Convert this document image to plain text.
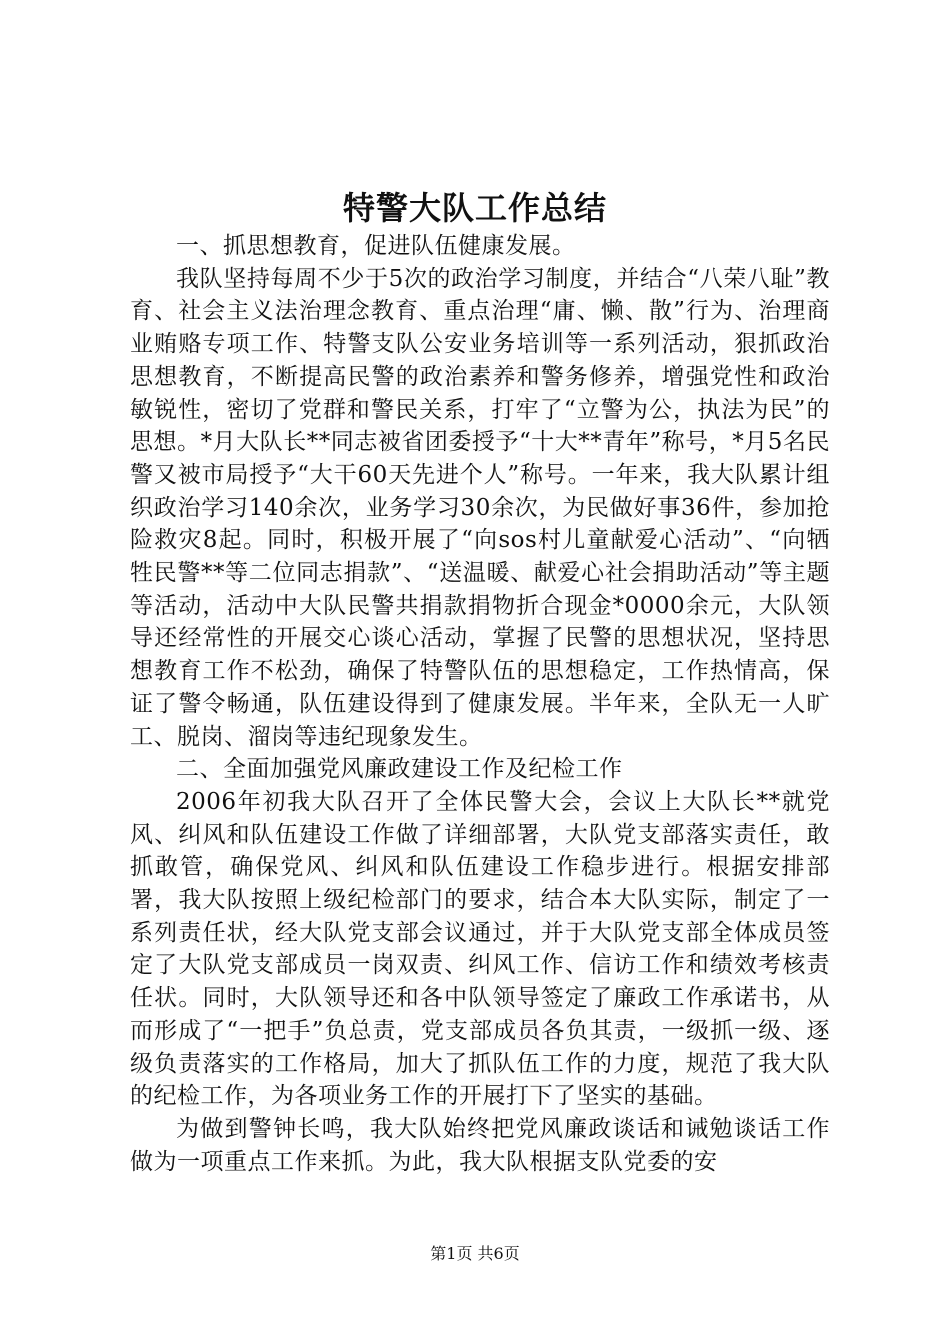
特警大队工作总结

一、抓思想教育，促进队伍健康发展。

我队坚持每周不少于5次的政治学习制度，并结合“八荣八耻”教育、社会主义法治理念教育、重点治理“庸、懒、散”行为、治理商业贿赂专项工作、特警支队公安业务培训等一系列活动，狠抓政治思想教育，不断提高民警的政治素养和警务修养，增强党性和政治敏锐性，密切了党群和警民关系，打牢了“立警为公，执法为民”的思想。*月大队长**同志被省团委授予“十大**青年”称号，*月5名民警又被市局授予“大干60天先进个人”称号。一年来，我大队累计组织政治学习140余次，业务学习30余次，为民做好事36件，参加抢险救灾8起。同时，积极开展了“向sos村儿童献爱心活动”、“向牺牲民警**等二位同志捐款”、“送温暖、献爱心社会捐助活动”等主题等活动，活动中大队民警共捐款捐物折合现金*0000余元，大队领导还经常性的开展交心谈心活动，掌握了民警的思想状况，坚持思想教育工作不松劲，确保了特警队伍的思想稳定，工作热情高，保证了警令畅通，队伍建设得到了健康发展。半年来，全队无一人旷工、脱岗、溜岗等违纪现象发生。

二、全面加强党风廉政建设工作及纪检工作

2006年初我大队召开了全体民警大会，会议上大队长**就党风、纠风和队伍建设工作做了详细部署，大队党支部落实责任，敢抓敢管，确保党风、纠风和队伍建设工作稳步进行。根据安排部署，我大队按照上级纪检部门的要求，结合本大队实际，制定了一系列责任状，经大队党支部会议通过，并于大队党支部全体成员签定了大队党支部成员一岗双责、纠风工作、信访工作和绩效考核责任状。同时，大队领导还和各中队领导签定了廉政工作承诺书，从而形成了“一把手”负总责，党支部成员各负其责，一级抓一级、逐级负责落实的工作格局，加大了抓队伍工作的力度，规范了我大队的纪检工作，为各项业务工作的开展打下了坚实的基础。

为做到警钟长鸣，我大队始终把党风廉政谈话和诫勉谈话工作做为一项重点工作来抓。为此，我大队根据支队党委的安

第1页 共6页
